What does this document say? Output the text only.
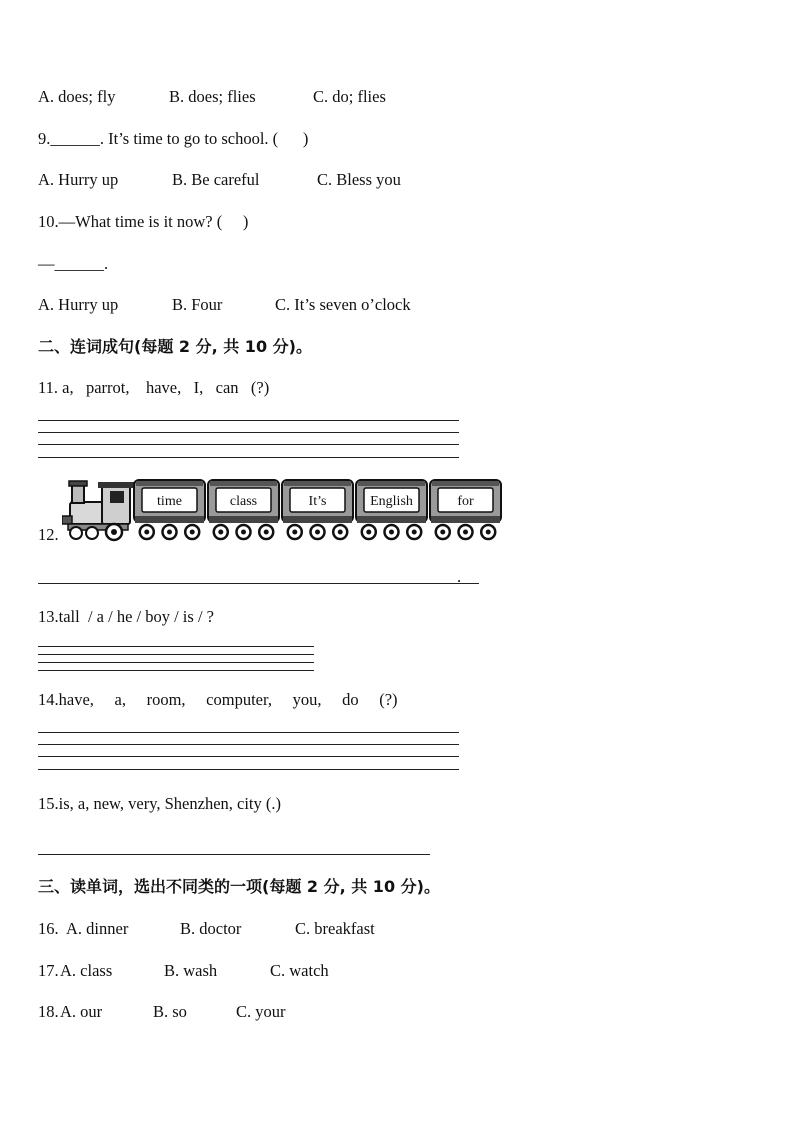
A. does; fly	B. does; flies	C. do; flies
9.______. It’s time to go to school. (      )
A. Hurry up	B. Be careful	C. Bless you
10.—What time is it now? (     )
—______.
A. Hurry up	B. Four	C. It’s seven o’clock
二、连词成句(每题 2 分, 共 10 分)。
11. a,   parrot,    have,   I,   can   (?)
12.
time	class	It’s	English	for
.
13.tall  / a / he / boy / is / ?
14.have,     a,     room,     computer,     you,     do     (?)
15.is, a, new, very, Shenzhen, city (.)
三、读单词，选出不同类的一项(每题 2 分, 共 10 分)。
16. A. dinner	B. doctor	C. breakfast
17. A. class	B. wash	C. watch
18. A. our	B. so	C. your
